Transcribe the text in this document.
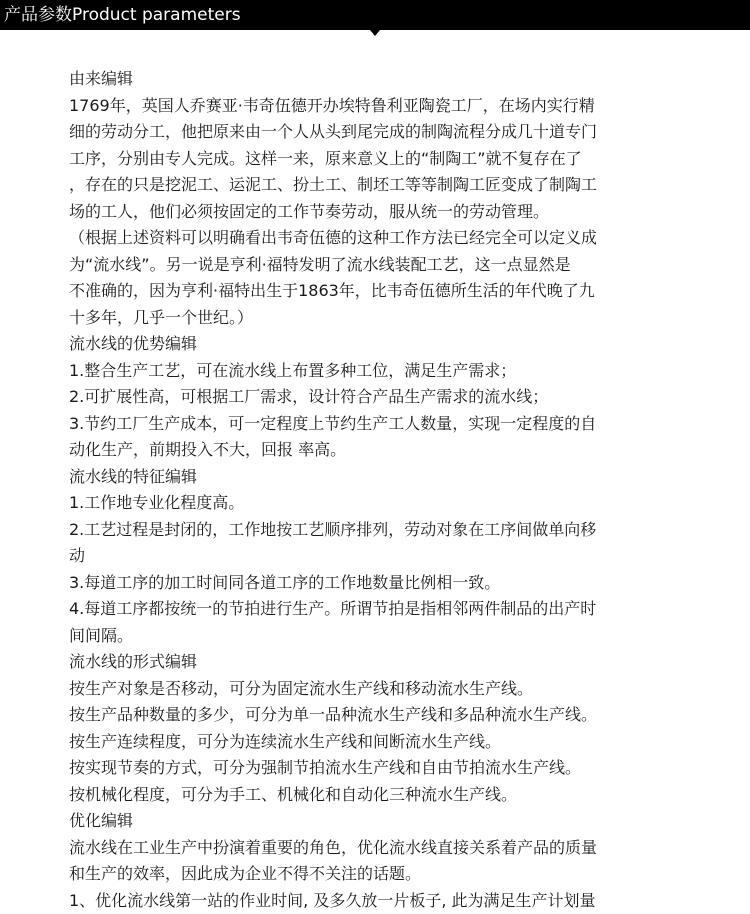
产品参数Product parameters

由来编辑

1769年，英国人乔赛亚·韦奇伍德开办埃特鲁利亚陶瓷工厂，在场内实行精

细的劳动分工，他把原来由一个人从头到尾完成的制陶流程分成几十道专门

工序，分别由专人完成。这样一来，原来意义上的“制陶工”就不复存在了

，存在的只是挖泥工、运泥工、扮土工、制坯工等等制陶工匠变成了制陶工

场的工人，他们必须按固定的工作节奏劳动，服从统一的劳动管理。

（根据上述资料可以明确看出韦奇伍德的这种工作方法已经完全可以定义成

为“流水线”。另一说是亨利·福特发明了流水线装配工艺，这一点显然是

不准确的，因为亨利·福特出生于1863年，比韦奇伍德所生活的年代晚了九

十多年，几乎一个世纪。）

流水线的优势编辑

1.整合生产工艺，可在流水线上布置多种工位，满足生产需求；

2.可扩展性高，可根据工厂需求，设计符合产品生产需求的流水线；

3.节约工厂生产成本，可一定程度上节约生产工人数量，实现一定程度的自

动化生产，前期投入不大，回报 率高。

流水线的特征编辑

1.工作地专业化程度高。

2.工艺过程是封闭的，工作地按工艺顺序排列，劳动对象在工序间做单向移

动

3.每道工序的加工时间同各道工序的工作地数量比例相一致。

4.每道工序都按统一的节拍进行生产。所谓节拍是指相邻两件制品的出产时

间间隔。

流水线的形式编辑

按生产对象是否移动，可分为固定流水生产线和移动流水生产线。

按生产品种数量的多少，可分为单一品种流水生产线和多品种流水生产线。

按生产连续程度，可分为连续流水生产线和间断流水生产线。

按实现节奏的方式，可分为强制节拍流水生产线和自由节拍流水生产线。

按机械化程度，可分为手工、机械化和自动化三种流水生产线。

优化编辑

流水线在工业生产中扮演着重要的角色，优化流水线直接关系着产品的质量

和生产的效率，因此成为企业不得不关注的话题。

1、优化流水线第一站的作业时间, 及多久放一片板子, 此为满足生产计划量
